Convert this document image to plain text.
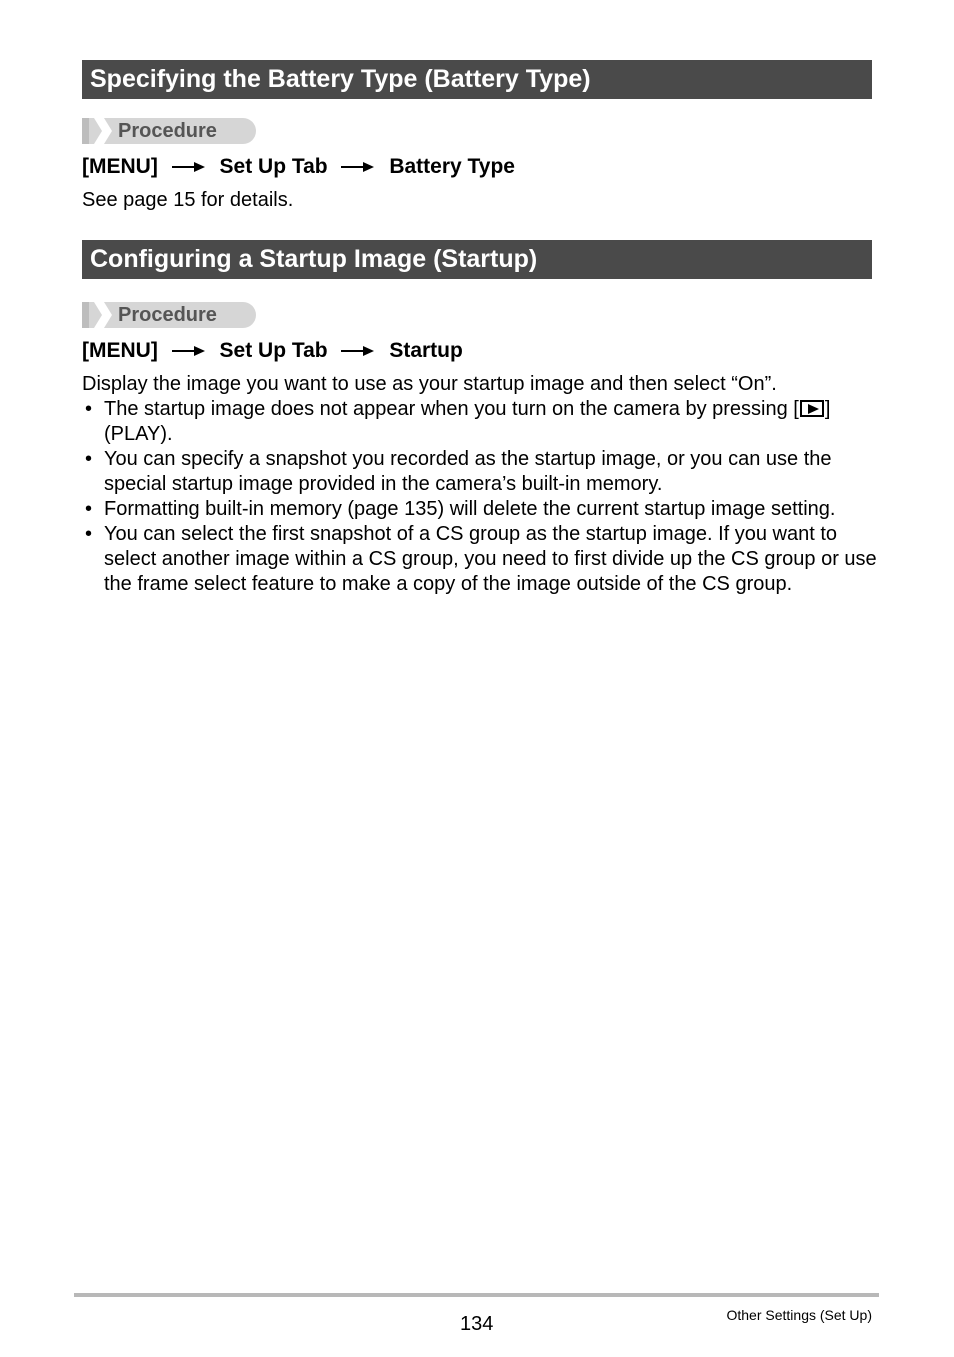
Specifying the Battery Type (Battery Type)
Procedure
[MENU]	Set Up Tab	Battery Type
See page 15 for details.
Configuring a Startup Image (Startup)
Procedure
[MENU]	Set Up Tab	Startup
Display the image you want to use as your startup image and then select “On”.
• The startup image does not appear when you turn on the camera by pressing [ ] (PLAY).
• You can specify a snapshot you recorded as the startup image, or you can use the special startup image provided in the camera’s built-in memory.
• Formatting built-in memory (page 135) will delete the current startup image setting.
• You can select the first snapshot of a CS group as the startup image. If you want to select another image within a CS group, you need to first divide up the CS group or use the frame select feature to make a copy of the image outside of the CS group.
134	Other Settings (Set Up)
